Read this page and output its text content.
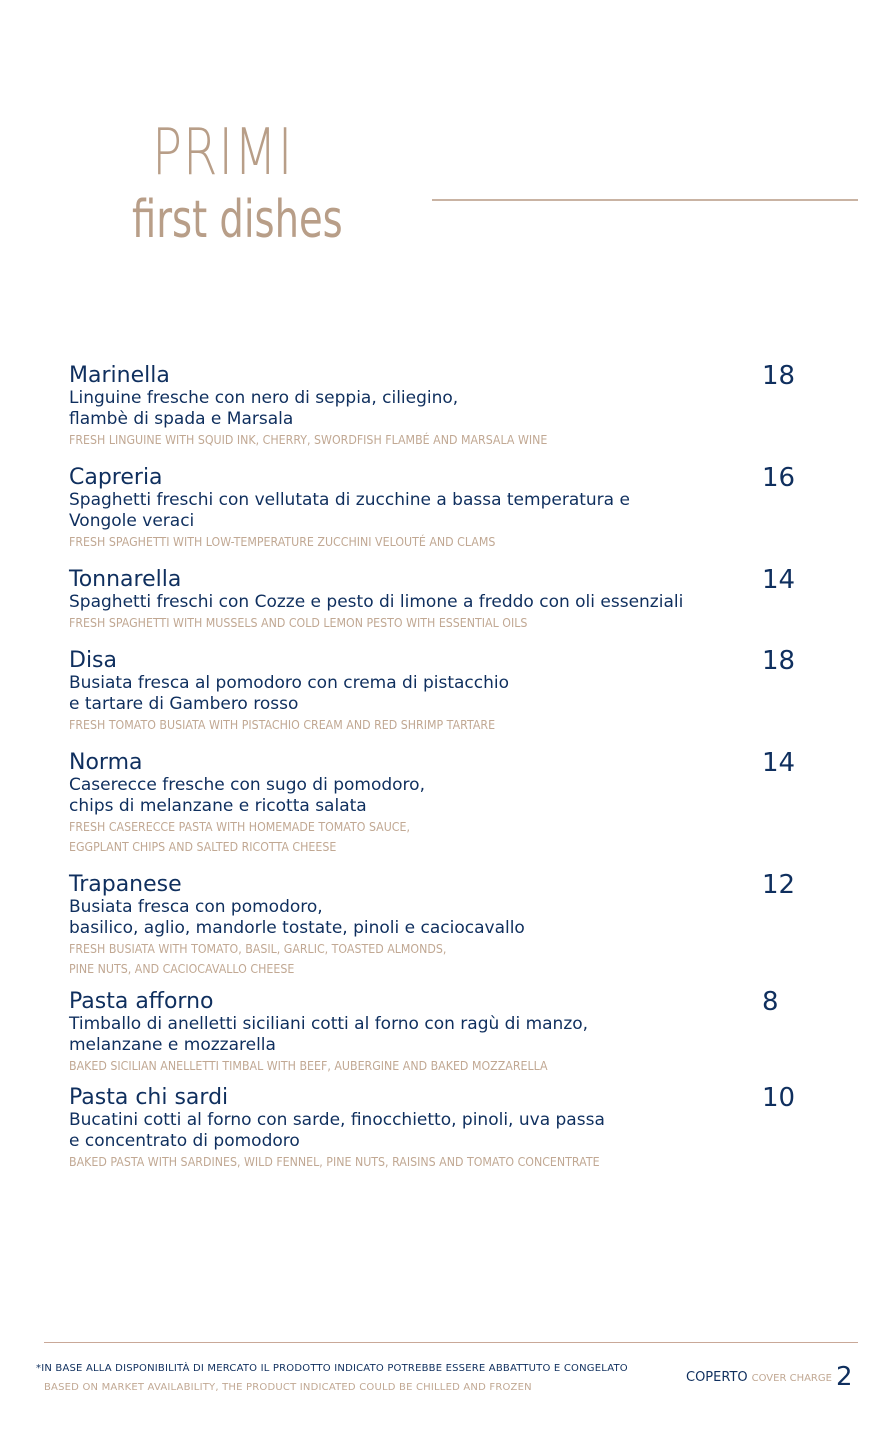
PRIMI
first dishes
Marinella
Linguine fresche con nero di seppia, ciliegino,
flambè di spada e Marsala
FRESH LINGUINE WITH SQUID INK, CHERRY, SWORDFISH FLAMBÉ AND MARSALA WINE
18
Capreria
Spaghetti freschi con vellutata di zucchine a bassa temperatura e
Vongole veraci
FRESH SPAGHETTI WITH LOW-TEMPERATURE ZUCCHINI VELOUTÉ AND CLAMS
16
Tonnarella
Spaghetti freschi con Cozze e pesto di limone a freddo con oli essenziali
FRESH SPAGHETTI WITH MUSSELS AND COLD LEMON PESTO WITH ESSENTIAL OILS
14
Disa
Busiata fresca al pomodoro con crema di pistacchio
e tartare di Gambero rosso
FRESH TOMATO BUSIATA WITH PISTACHIO CREAM AND RED SHRIMP TARTARE
18
Norma
Caserecce fresche con sugo di pomodoro,
chips di melanzane e ricotta salata
FRESH CASERECCE PASTA WITH HOMEMADE TOMATO SAUCE,
EGGPLANT CHIPS AND SALTED RICOTTA CHEESE
14
Trapanese
Busiata fresca con pomodoro,
basilico, aglio, mandorle tostate, pinoli e caciocavallo
FRESH BUSIATA WITH TOMATO, BASIL, GARLIC, TOASTED ALMONDS,
PINE NUTS, AND CACIOCAVALLO CHEESE
12
Pasta afforno
Timballo di anelletti siciliani cotti al forno con ragù di manzo,
melanzane e mozzarella
BAKED SICILIAN ANELLETTI TIMBAL WITH BEEF, AUBERGINE AND BAKED MOZZARELLA
8
Pasta chi sardi
Bucatini cotti al forno con sarde, finocchietto, pinoli, uva passa
e concentrato di pomodoro
BAKED PASTA WITH SARDINES, WILD FENNEL, PINE NUTS, RAISINS AND TOMATO CONCENTRATE
10
*IN BASE ALLA DISPONIBILITÀ DI MERCATO IL PRODOTTO INDICATO POTREBBE ESSERE ABBATTUTO E CONGELATO
BASED ON MARKET AVAILABILITY, THE PRODUCT INDICATED COULD BE CHILLED AND FROZEN
COPERTO COVER CHARGE 2
